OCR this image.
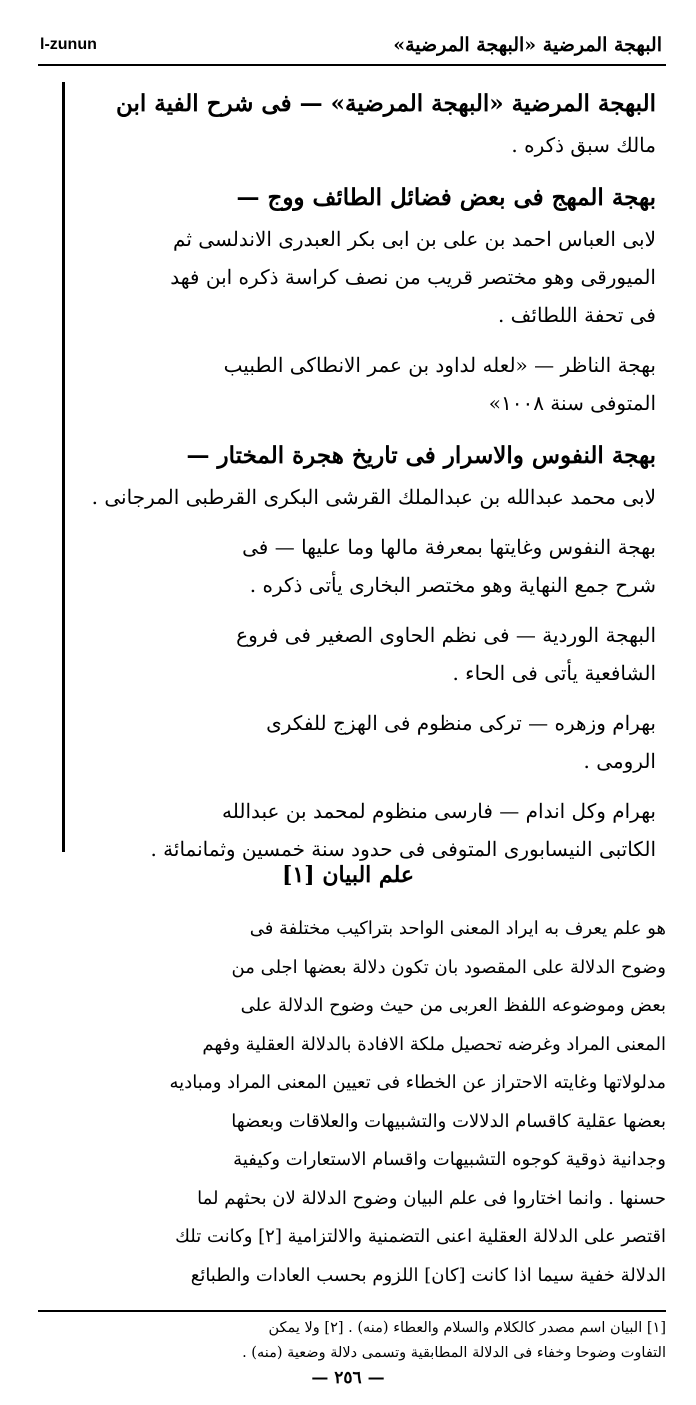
البهجة المرضية «البهجة المرضية»
l-zunun
البهجة المرضية «البهجة المرضية» — فى شرح الفية ابن
مالك سبق ذكره .
بهجة المهج فى بعض فضائل الطائف ووج —
لابى العباس احمد بن على بن ابى بكر العبدرى الاندلسى ثم
الميورقى وهو مختصر قريب من نصف كراسة ذكره ابن فهد
فى تحفة اللطائف .
بهجة الناظر — «لعله لداود بن عمر الانطاكى الطبيب
المتوفى سنة ١٠٠٨»
بهجة النفوس والاسرار فى تاريخ هجرة المختار —
لابى محمد عبدالله بن عبدالملك القرشى البكرى القرطبى المرجانى .
بهجة النفوس وغايتها بمعرفة مالها وما عليها — فى
شرح جمع النهاية وهو مختصر البخارى يأتى ذكره .
البهجة الوردية — فى نظم الحاوى الصغير فى فروع
الشافعية يأتى فى الحاء .
بهرام وزهره — تركى منظوم فى الهزج للفكرى
الرومى .
بهرام وكل اندام — فارسى منظوم لمحمد بن عبدالله
الكاتبى النيسابورى المتوفى فى حدود سنة خمسين وثمانمائة .
علم البيان [١]
هو علم يعرف به ايراد المعنى الواحد بتراكيب مختلفة فى
وضوح الدلالة على المقصود بان تكون دلالة بعضها اجلى من
بعض وموضوعه اللفظ العربى من حيث وضوح الدلالة على
المعنى المراد وغرضه تحصيل ملكة الافادة بالدلالة العقلية وفهم
مدلولاتها وغايته الاحتراز عن الخطاء فى تعيين المعنى المراد ومباديه
بعضها عقلية كاقسام الدلالات والتشبيهات والعلاقات وبعضها
وجدانية ذوقية كوجوه التشبيهات واقسام الاستعارات وكيفية
حسنها . وانما اختاروا فى علم البيان وضوح الدلالة لان بحثهم لما
اقتصر على الدلالة العقلية اعنى التضمنية والالتزامية [٢] وكانت تلك
الدلالة خفية سيما اذا كانت [كان] اللزوم بحسب العادات والطبائع
[١] البيان اسم مصدر كالكلام والسلام والعطاء (منه) . [٢] ولا يمكن
التفاوت وضوحا وخفاء فى الدلالة المطابقية وتسمى دلالة وضعية (منه) .
— ٢٥٦ —
